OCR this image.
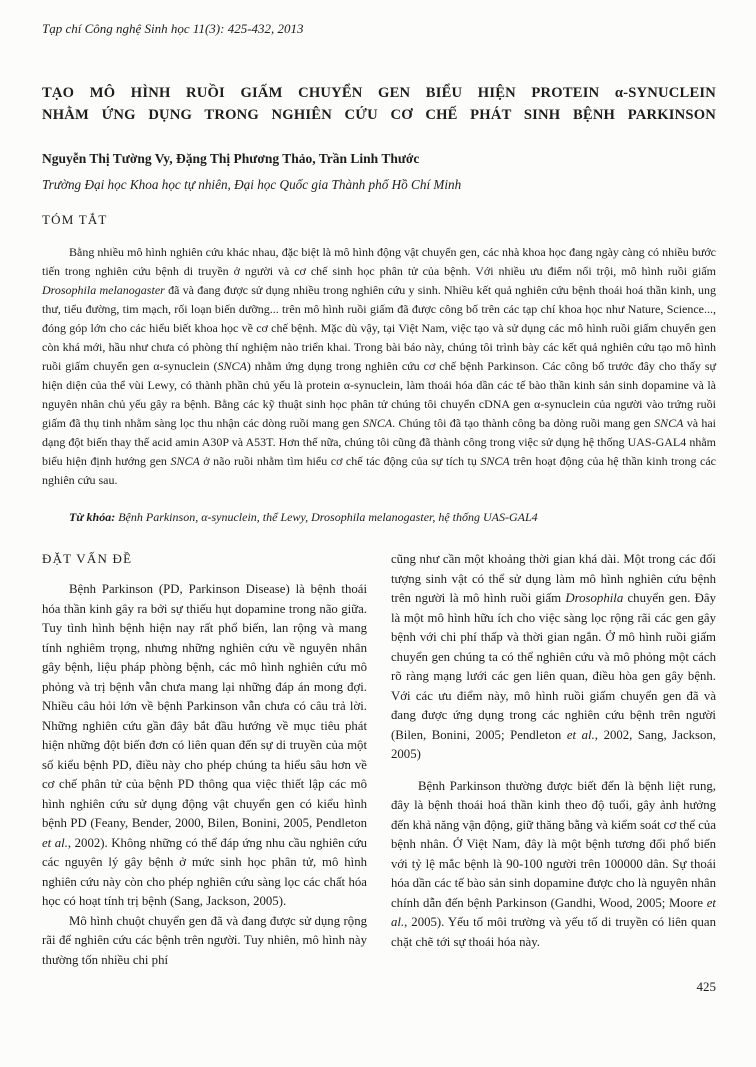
Tạp chí Công nghệ Sinh học 11(3): 425-432, 2013
TẠO MÔ HÌNH RUỒI GIẤM CHUYỂN GEN BIỂU HIỆN PROTEIN α-SYNUCLEIN
NHẰM ỨNG DỤNG TRONG NGHIÊN CỨU CƠ CHẾ PHÁT SINH BỆNH PARKINSON
Nguyễn Thị Tường Vy, Đặng Thị Phương Thảo, Trần Linh Thước
Trường Đại học Khoa học tự nhiên, Đại học Quốc gia Thành phố Hồ Chí Minh
TÓM TẮT

Bằng nhiều mô hình nghiên cứu khác nhau, đặc biệt là mô hình động vật chuyển gen, các nhà khoa học đang ngày càng có nhiều bước tiến trong nghiên cứu bệnh di truyền ở người và cơ chế sinh học phân tử của bệnh. Với nhiều ưu điểm nổi trội, mô hình ruồi giấm Drosophila melanogaster đã và đang được sử dụng nhiều trong nghiên cứu y sinh. Nhiều kết quả nghiên cứu bệnh thoái hoá thần kinh, ung thư, tiểu đường, tim mạch, rối loạn biến dưỡng... trên mô hình ruồi giấm đã được công bố trên các tạp chí khoa học như Nature, Science..., đóng góp lớn cho các hiểu biết khoa học về cơ chế bệnh. Mặc dù vậy, tại Việt Nam, việc tạo và sử dụng các mô hình ruồi giấm chuyển gen còn khá mới, hầu như chưa có phòng thí nghiệm nào triển khai. Trong bài báo này, chúng tôi trình bày các kết quả nghiên cứu tạo mô hình ruồi giấm chuyển gen α-synuclein (SNCA) nhằm ứng dụng trong nghiên cứu cơ chế bệnh Parkinson. Các công bố trước đây cho thấy sự hiện diện của thể vùi Lewy, có thành phần chủ yếu là protein α-synuclein, làm thoái hóa dần các tế bào thần kinh sản sinh dopamine và là nguyên nhân chủ yếu gây ra bệnh. Bằng các kỹ thuật sinh học phân tử chúng tôi chuyển cDNA gen α-synuclein của người vào trứng ruồi giấm đã thụ tinh nhằm sàng lọc thu nhận các dòng ruồi mang gen SNCA. Chúng tôi đã tạo thành công ba dòng ruồi mang gen SNCA và hai dạng đột biến thay thế acid amin A30P và A53T. Hơn thế nữa, chúng tôi cũng đã thành công trong việc sử dụng hệ thống UAS-GAL4 nhằm biểu hiện định hướng gen SNCA ở não ruồi nhằm tìm hiểu cơ chế tác động của sự tích tụ SNCA trên hoạt động của hệ thần kinh trong các nghiên cứu sau.

Từ khóa: Bệnh Parkinson, α-synuclein, thể Lewy, Drosophila melanogaster, hệ thống UAS-GAL4
ĐẶT VẤN ĐỀ

Bệnh Parkinson (PD, Parkinson Disease) là bệnh thoái hóa thần kinh gây ra bởi sự thiếu hụt dopamine trong não giữa. Tuy tình hình bệnh hiện nay rất phổ biến, lan rộng và mang tính nghiêm trọng, nhưng những nghiên cứu về nguyên nhân gây bệnh, liệu pháp phòng bệnh, các mô hình nghiên cứu mô phỏng và trị bệnh vẫn chưa mang lại những đáp án mong đợi. Nhiều câu hỏi lớn về bệnh Parkinson vẫn chưa có câu trả lời. Những nghiên cứu gần đây bắt đầu hướng về mục tiêu phát hiện những đột biến đơn có liên quan đến sự di truyền của một số kiểu bệnh PD, điều này cho phép chúng ta hiểu sâu hơn về cơ chế phân tử của bệnh PD thông qua việc thiết lập các mô hình nghiên cứu sử dụng động vật chuyển gen có kiểu hình bệnh PD (Feany, Bender, 2000, Bilen, Bonini, 2005, Pendleton et al., 2002). Không những có thể đáp ứng nhu cầu nghiên cứu các nguyên lý gây bệnh ở mức sinh học phân tử, mô hình nghiên cứu này còn cho phép nghiên cứu sàng lọc các chất hóa học có hoạt tính trị bệnh (Sang, Jackson, 2005).

Mô hình chuột chuyển gen đã và đang được sử dụng rộng rãi để nghiên cứu các bệnh trên người. Tuy nhiên, mô hình này thường tốn nhiều chi phí

cũng như cần một khoảng thời gian khá dài. Một trong các đối tượng sinh vật có thể sử dụng làm mô hình nghiên cứu bệnh trên người là mô hình ruồi giấm Drosophila chuyển gen. Đây là một mô hình hữu ích cho việc sàng lọc rộng rãi các gen gây bệnh với chi phí thấp và thời gian ngắn. Ở mô hình ruồi giấm chuyển gen chúng ta có thể nghiên cứu và mô phỏng một cách rõ ràng mạng lưới các gen liên quan, điều hòa gen gây bệnh. Với các ưu điểm này, mô hình ruồi giấm chuyển gen đã và đang được ứng dụng trong các nghiên cứu bệnh trên người (Bilen, Bonini, 2005; Pendleton et al., 2002, Sang, Jackson, 2005)

Bệnh Parkinson thường được biết đến là bệnh liệt rung, đây là bệnh thoái hoá thần kinh theo độ tuổi, gây ảnh hưởng đến khả năng vận động, giữ thăng bằng và kiểm soát cơ thể của bệnh nhân. Ở Việt Nam, đây là một bệnh tương đối phổ biến với tỷ lệ mắc bệnh là 90-100 người trên 100000 dân. Sự thoái hóa dần các tế bào sản sinh dopamine được cho là nguyên nhân chính dẫn đến bệnh Parkinson (Gandhi, Wood, 2005; Moore et al., 2005). Yếu tố môi trường và yếu tố di truyền có liên quan chặt chẽ tới sự thoái hóa này.

425
